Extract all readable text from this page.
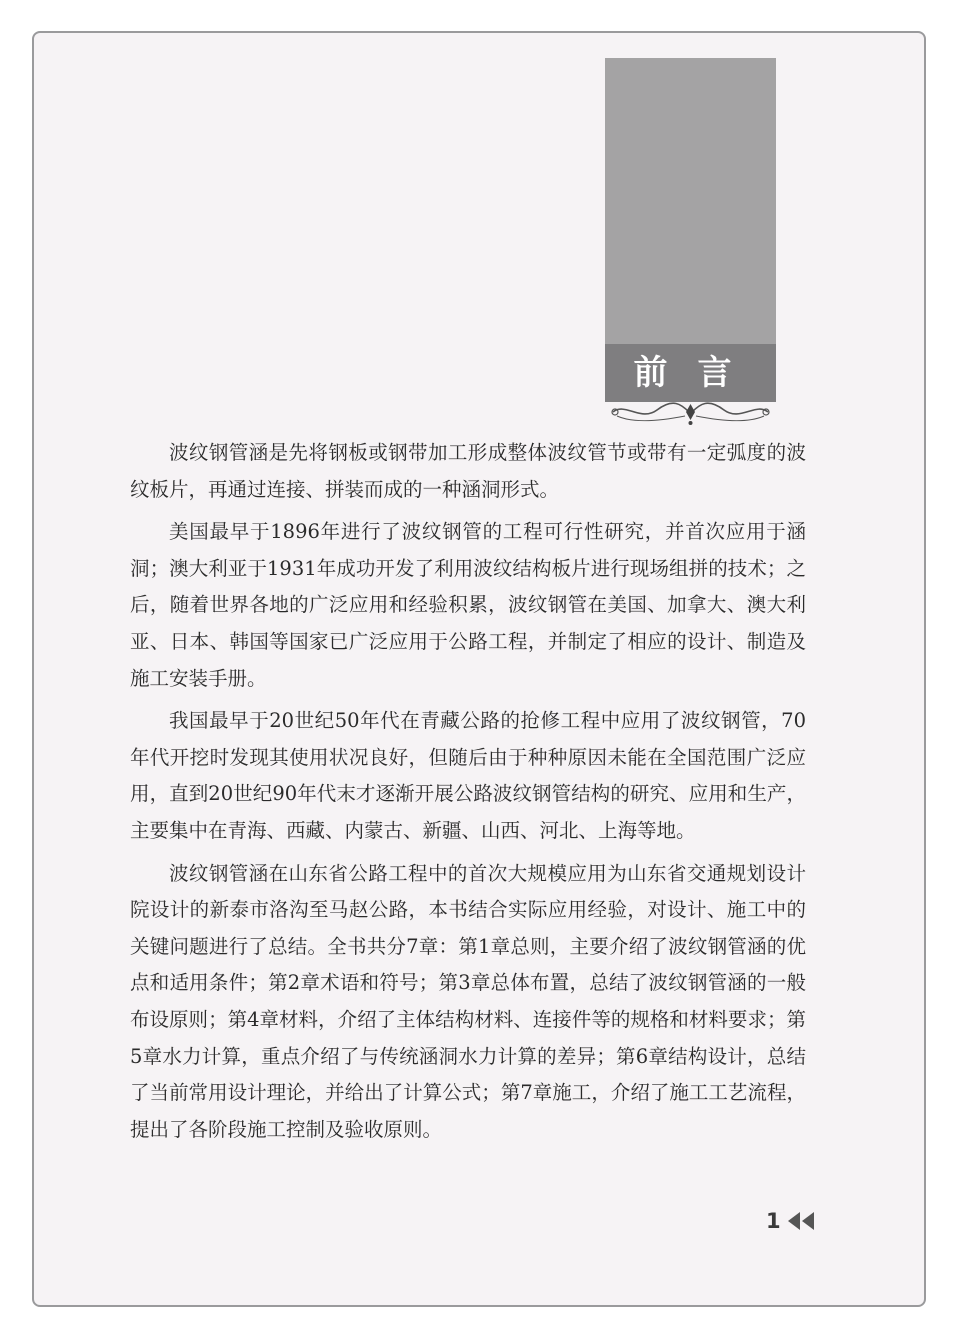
前言

波纹钢管涵是先将钢板或钢带加工形成整体波纹管节或带有一定弧度的波纹板片，再通过连接、拼装而成的一种涵洞形式。

美国最早于1896年进行了波纹钢管的工程可行性研究，并首次应用于涵洞；澳大利亚于1931年成功开发了利用波纹结构板片进行现场组拼的技术；之后，随着世界各地的广泛应用和经验积累，波纹钢管在美国、加拿大、澳大利亚、日本、韩国等国家已广泛应用于公路工程，并制定了相应的设计、制造及施工安装手册。

我国最早于20世纪50年代在青藏公路的抢修工程中应用了波纹钢管，70年代开挖时发现其使用状况良好，但随后由于种种原因未能在全国范围广泛应用，直到20世纪90年代末才逐渐开展公路波纹钢管结构的研究、应用和生产，主要集中在青海、西藏、内蒙古、新疆、山西、河北、上海等地。

波纹钢管涵在山东省公路工程中的首次大规模应用为山东省交通规划设计院设计的新泰市洛沟至马赵公路，本书结合实际应用经验，对设计、施工中的关键问题进行了总结。全书共分7章：第1章总则，主要介绍了波纹钢管涵的优点和适用条件；第2章术语和符号；第3章总体布置，总结了波纹钢管涵的一般布设原则；第4章材料，介绍了主体结构材料、连接件等的规格和材料要求；第5章水力计算，重点介绍了与传统涵洞水力计算的差异；第6章结构设计，总结了当前常用设计理论，并给出了计算公式；第7章施工，介绍了施工工艺流程，提出了各阶段施工控制及验收原则。

1
